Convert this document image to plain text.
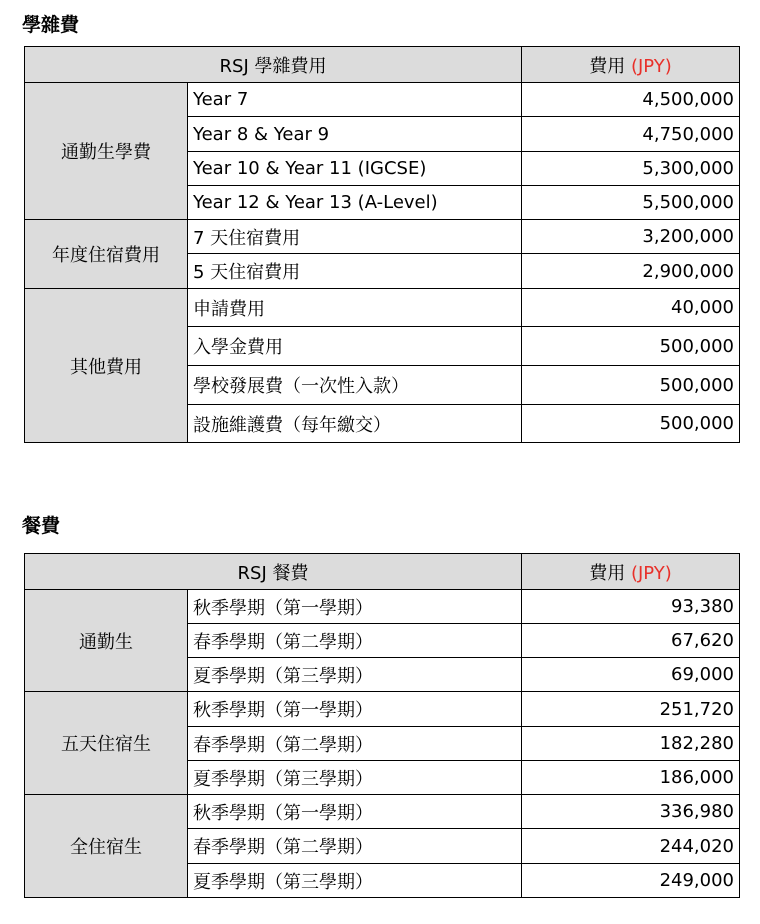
學雜費
RSJ 學雜費用		費用 (JPY)
通勤生學費	Year 7	4,500,000
	Year 8 & Year 9	4,750,000
	Year 10 & Year 11 (IGCSE)	5,300,000
	Year 12 & Year 13 (A-Level)	5,500,000
年度住宿費用	7 天住宿費用	3,200,000
	5 天住宿費用	2,900,000
其他費用	申請費用	40,000
	入學金費用	500,000
	學校發展費（一次性入款）	500,000
	設施維護費（每年繳交）	500,000
餐費
RSJ 餐費		費用 (JPY)
通勤生	秋季學期（第一學期）	93,380
	春季學期（第二學期）	67,620
	夏季學期（第三學期）	69,000
五天住宿生	秋季學期（第一學期）	251,720
	春季學期（第二學期）	182,280
	夏季學期（第三學期）	186,000
全住宿生	秋季學期（第一學期）	336,980
	春季學期（第二學期）	244,020
	夏季學期（第三學期）	249,000
